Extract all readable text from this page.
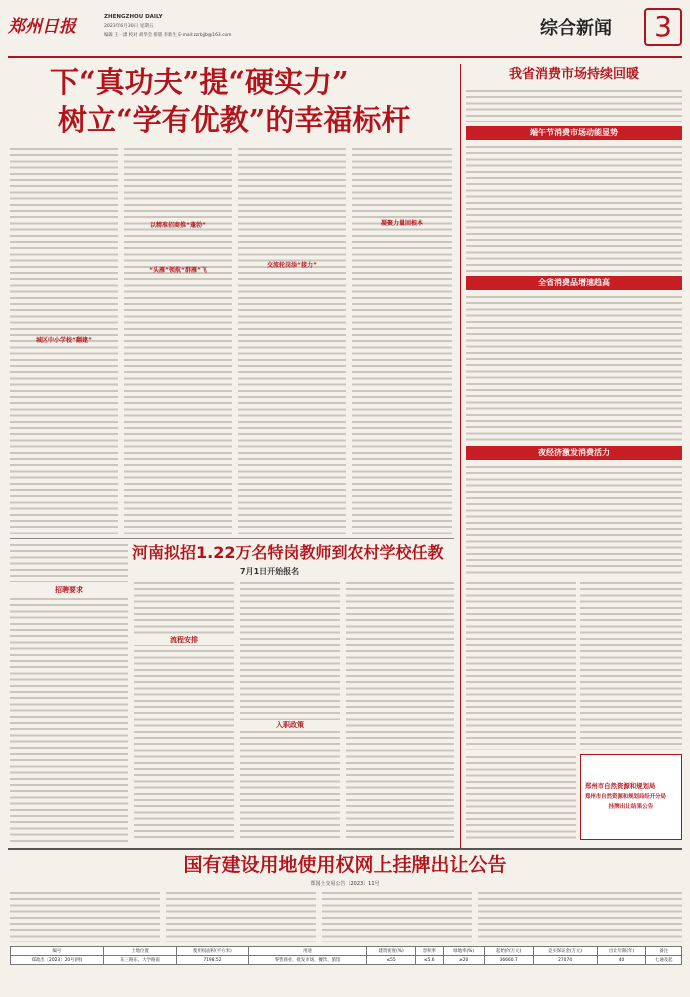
郑州日报	ZHENGZHOU DAILY
2023年6月30日 星期五
编辑 王一潇 校对 胡华会 排版 李新生 E-mail:zzrbjjb@163.com	综合新闻	3
下“真功夫”提“硬实力”
树立“学有优教”的幸福标杆
城区中小学校“翻建”
以精准招商推“蓬勃”
“头雁”领航“群雁”飞
交流轮岗添“接力”
凝聚力量固根本
我省消费市场持续回暖
端午节消费市场动能显势
全省消费品增速趋高
夜经济激发消费活力
郑州市自然资源和规划局
郑州市自然资源和规划局经开分局
挂牌出让结果公告
河南拟招1.22万名特岗教师到农村学校任教
7月1日开始报名
招聘要求
流程安排
入职政策
国有建设用地使用权网上挂牌出让公告
郑国土交易公告〔2023〕11号
编号	土地位置	使用权面积(平方米)	用途	建筑密度(%)	容积率	绿地率(%)	起始价(万元)	竞买保证金(万元)	出让年限(年)	备注
郑政出〔2023〕20号(网)	东三路东、大学路南	7198.52	零售商业、批发市场、餐饮、旅馆	≤55	≤5.6	≥20	36660.7	27074	40	七通及起
